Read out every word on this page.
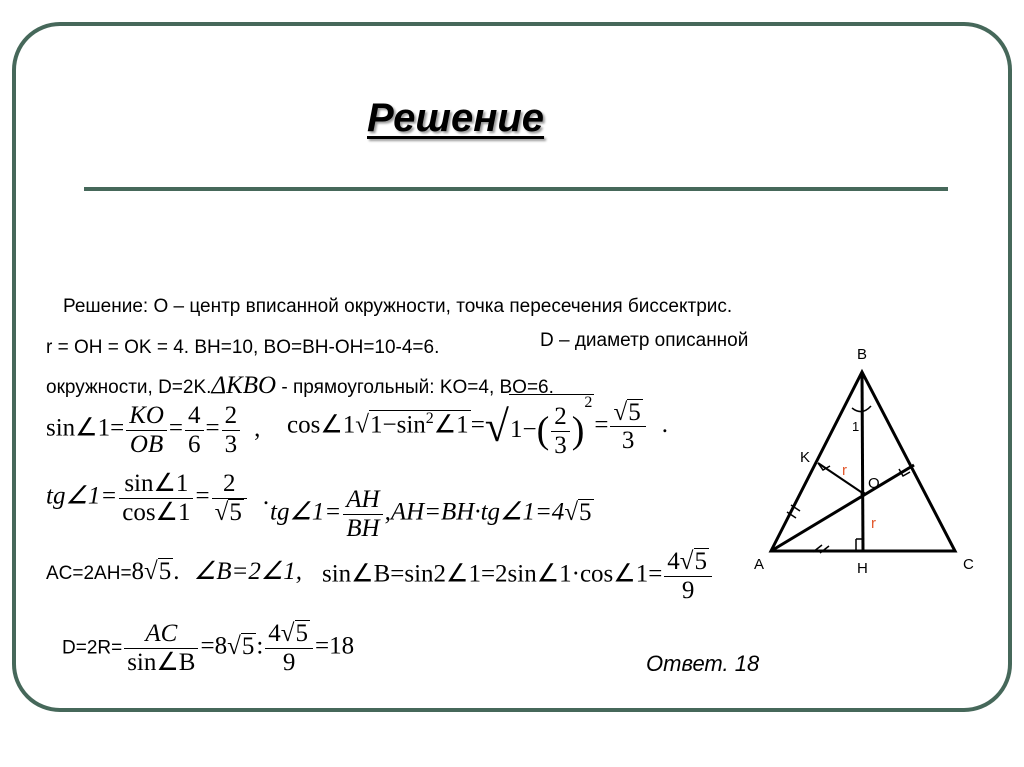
Решение
Решение: О – центр вписанной окружности, точка пересечения биссектрис.
r = OH = OK = 4. BH=10, BO=BH-OH=10-4=6.	D – диаметр описанной
окружности, D=2K.ΔKBO - прямоугольный: KO=4, BO=6.
sin∠1= $\frac{KO}{OB} = \frac{4}{6} = \frac{2}{3}$ , $\cos\angle 1√1-\sin^2\angle 1=√1-( \frac{2}{3} )^2= \frac{√5}{3}$ .
tg∠1= $\frac{\sin\angle 1}{\cos\angle 1} = \frac{2}{√5}$ .
tg∠1= $\frac{AH}{BH}$ ,AH=BH·tg∠1=4√5
AC=2AH=8√5. ∠B=2∠1, sin∠B=sin2∠1=2sin∠1·cos∠1= $\frac{4√5}{9}$
$D=2R= \frac{AC}{\sin\angle B} =8√5$: $\frac{4√5}{9} =18$
Ответ. 18
B
A	C
H
K
O
1
r
r
